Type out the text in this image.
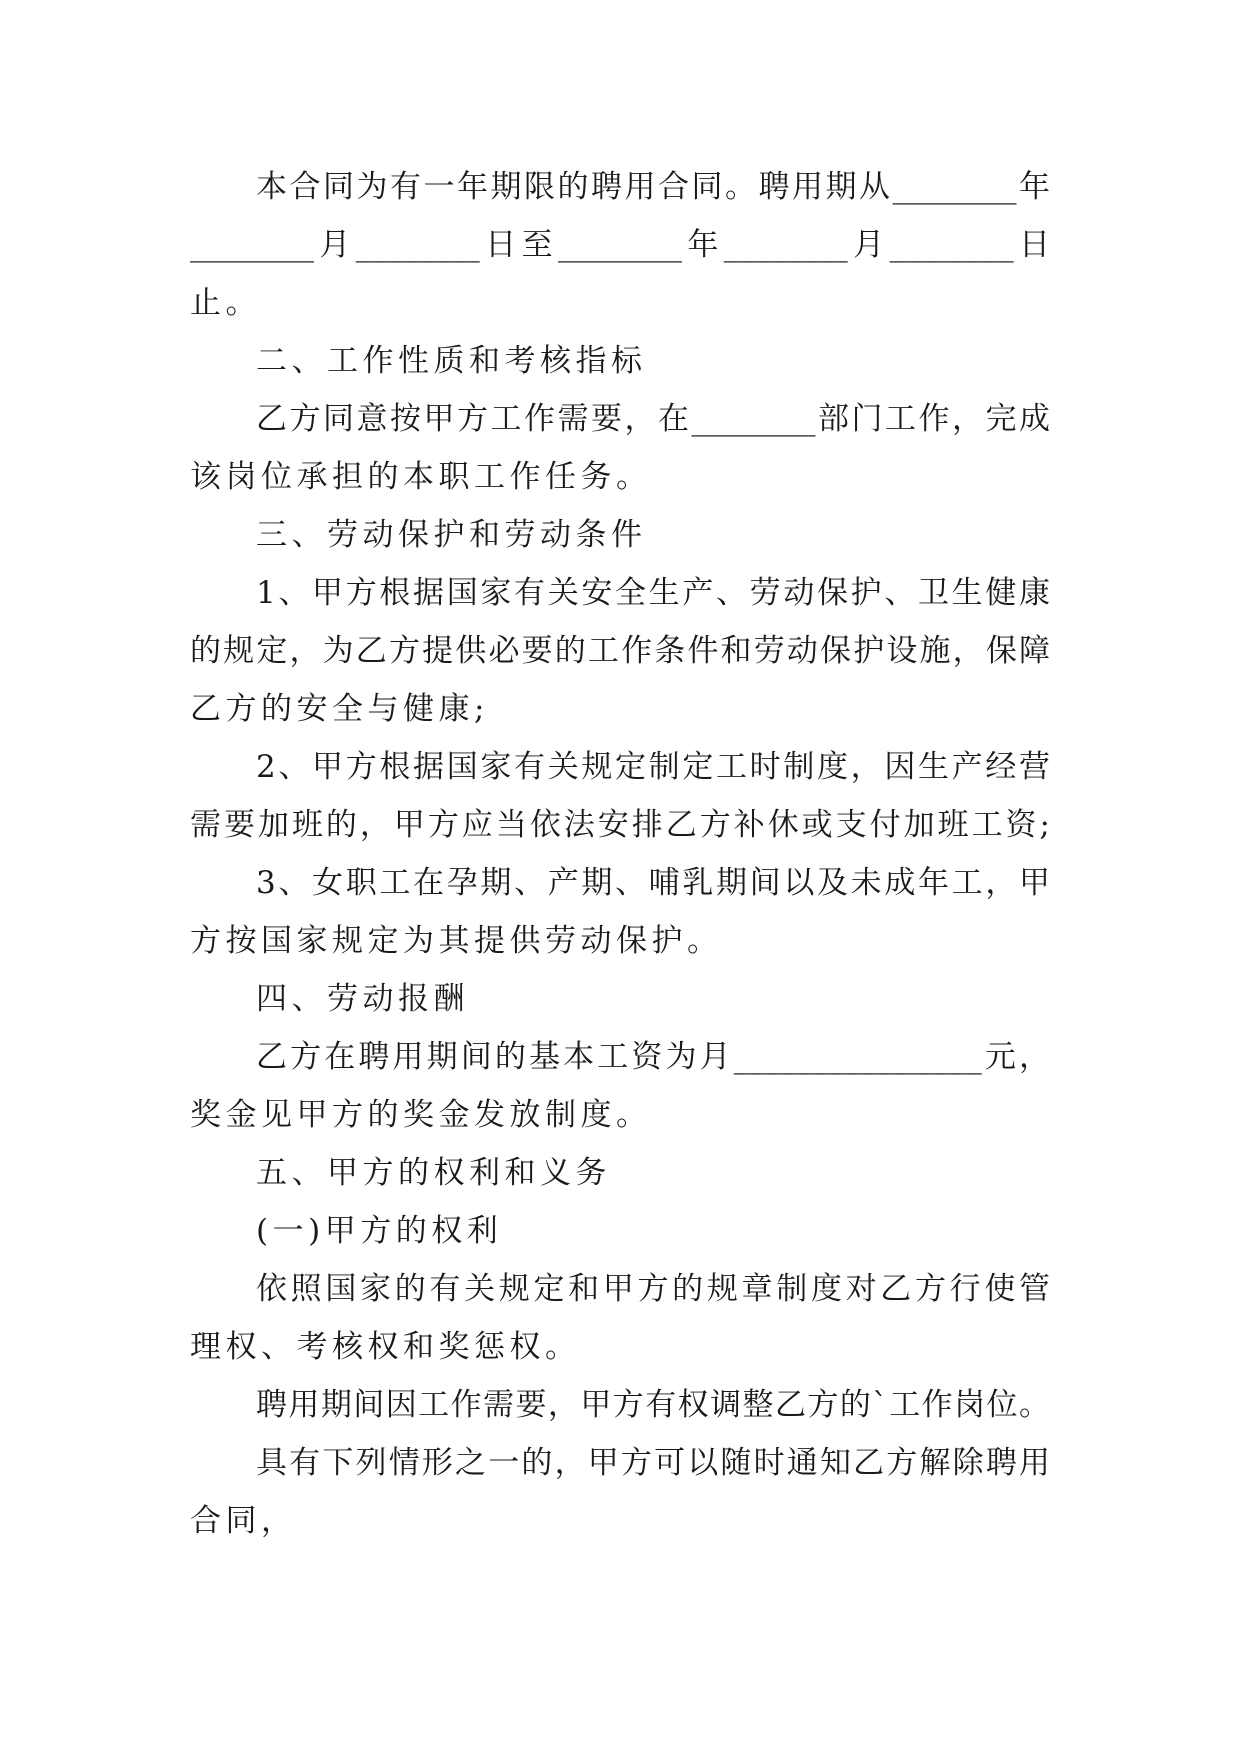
本合同为有一年期限的聘用合同。聘用期从________年
________月________日至________年________月________日
止。
二、工作性质和考核指标
乙方同意按甲方工作需要，在________部门工作，完成
该岗位承担的本职工作任务。
三、劳动保护和劳动条件
1、甲方根据国家有关安全生产、劳动保护、卫生健康
的规定，为乙方提供必要的工作条件和劳动保护设施，保障
乙方的安全与健康;
2、甲方根据国家有关规定制定工时制度，因生产经营
需要加班的，甲方应当依法安排乙方补休或支付加班工资;
3、女职工在孕期、产期、哺乳期间以及未成年工，甲
方按国家规定为其提供劳动保护。
四、劳动报酬
乙方在聘用期间的基本工资为月________________元，
奖金见甲方的奖金发放制度。
五、甲方的权利和义务
(一)甲方的权利
依照国家的有关规定和甲方的规章制度对乙方行使管
理权、考核权和奖惩权。
聘用期间因工作需要，甲方有权调整乙方的`工作岗位。
具有下列情形之一的，甲方可以随时通知乙方解除聘用
合同，
